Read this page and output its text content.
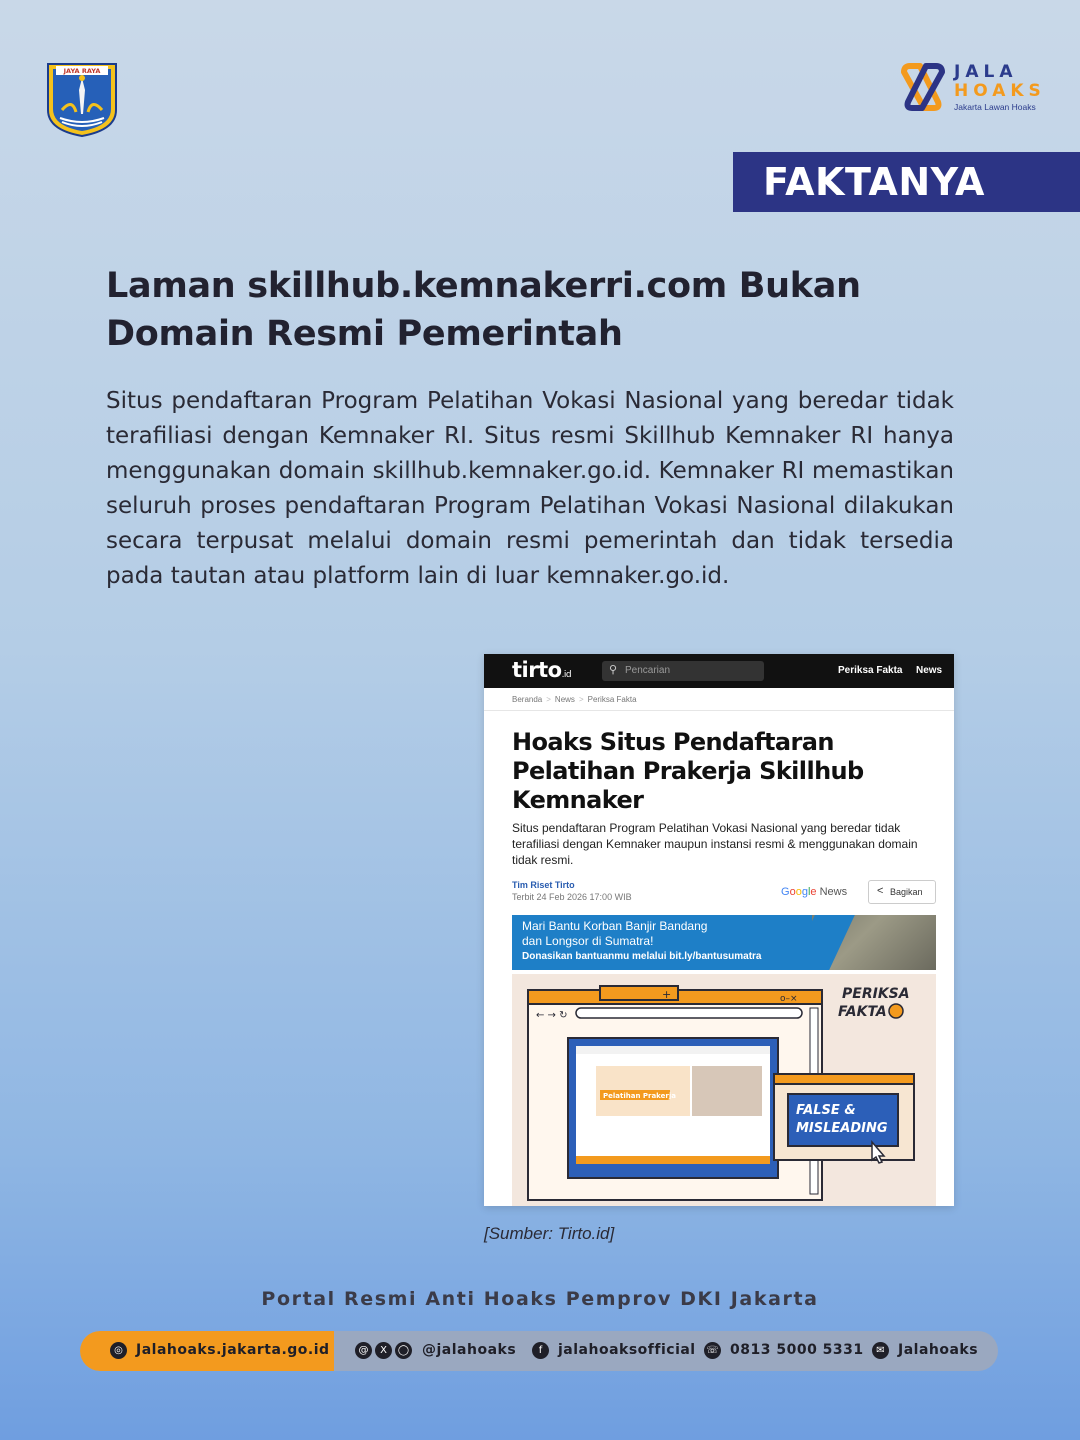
JAYA RAYA	JALA
HOAKS
Jakarta Lawan Hoaks
FAKTANYA
Laman skillhub.kemnakerri.com Bukan Domain Resmi Pemerintah

Situs pendaftaran Program Pelatihan Vokasi Nasional yang beredar tidak terafiliasi dengan Kemnaker RI. Situs resmi Skillhub Kemnaker RI hanya menggunakan domain skillhub.kemnaker.go.id. Kemnaker RI memastikan seluruh proses pendaftaran Program Pelatihan Vokasi Nasional dilakukan secara terpusat melalui domain resmi pemerintah dan tidak tersedia pada tautan atau platform lain di luar kemnaker.go.id.

tirto.id	⚲ Pencarian	Periksa Fakta News
Beranda > News > Periksa Fakta
Hoaks Situs Pendaftaran Pelatihan Prakerja Skillhub Kemnaker
Situs pendaftaran Program Pelatihan Vokasi Nasional yang beredar tidak terafiliasi dengan Kemnaker maupun instansi resmi & menggunakan domain tidak resmi.
Tim Riset Tirto
Terbit 24 Feb 2026 17:00 WIB	Google News	< Bagikan
Mari Bantu Korban Banjir Bandang
dan Longsor di Sumatra!
Donasikan bantuanmu melalui bit.ly/bantusumatra
+	o–×
← → ↻
Pelatihan Prakerja
FALSE &
MISLEADING
PERIKSA
FAKTA
[Sumber: Tirto.id]
Portal Resmi Anti Hoaks Pemprov DKI Jakarta
◎ Jalahoaks.jakarta.go.id	@	X	◯ @jalahoaks	f	jalahoaksofficial ☏ 0813 5000 5331	✉ Jalahoaks
